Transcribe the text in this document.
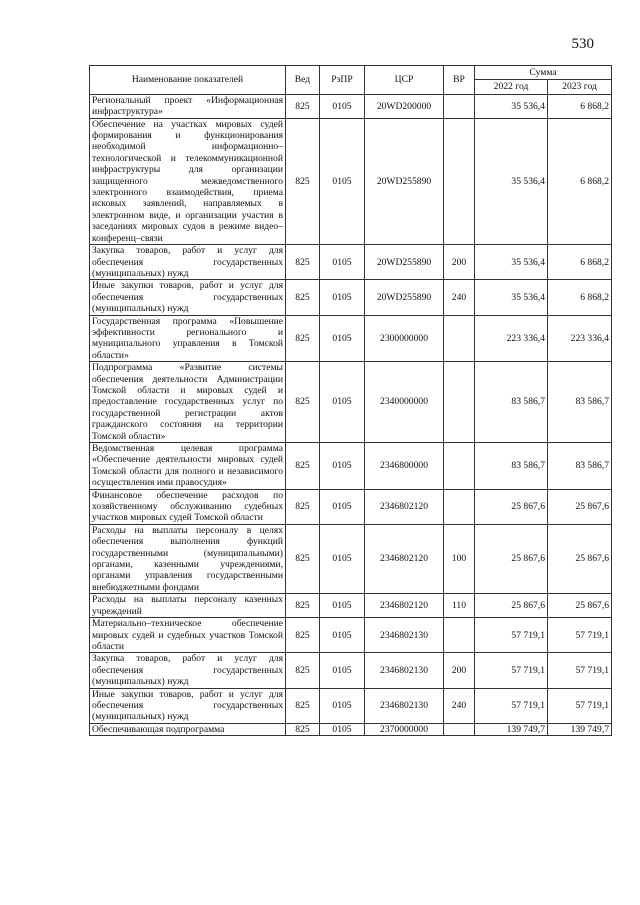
530
Наименование показателей	Вед	РзПР	ЦСР	ВР	Сумма	
					2022 год	2023 год
Региональный проект «Информационная инфраструктура»	825	0105	20WD200000		35 536,4	6 868,2
Обеспечение на участках мировых судей формирования и функционирования необходимой информационно–технологической и телекоммуникационной инфраструктуры для организации защищенного межведомственного электронного взаимодействия, приема исковых заявлений, направляемых в электронном виде, и организации участия в заседаниях мировых судов в режиме видео–конференц–связи	825	0105	20WD255890		35 536,4	6 868,2
Закупка товаров, работ и услуг для обеспечения государственных (муниципальных) нужд	825	0105	20WD255890	200	35 536,4	6 868,2
Иные закупки товаров, работ и услуг для обеспечения государственных (муниципальных) нужд	825	0105	20WD255890	240	35 536,4	6 868,2
Государственная программа «Повышение эффективности регионального и муниципального управления в Томской области»	825	0105	2300000000		223 336,4	223 336,4
Подпрограмма «Развитие системы обеспечения деятельности Администрации Томской области и мировых судей и предоставление государственных услуг по государственной регистрации актов гражданского состояния на территории Томской области»	825	0105	2340000000		83 586,7	83 586,7
Ведомственная целевая программа «Обеспечение деятельности мировых судей Томской области для полного и независимого осуществления ими правосудия»	825	0105	2346800000		83 586,7	83 586,7
Финансовое обеспечение расходов по хозяйственному обслуживанию судебных участков мировых судей Томской области	825	0105	2346802120		25 867,6	25 867,6
Расходы на выплаты персоналу в целях обеспечения выполнения функций государственными (муниципальными) органами, казенными учреждениями, органами управления государственными внебюджетными фондами	825	0105	2346802120	100	25 867,6	25 867,6
Расходы на выплаты персоналу казенных учреждений	825	0105	2346802120	110	25 867,6	25 867,6
Материально–техническое обеспечение мировых судей и судебных участков Томской области	825	0105	2346802130		57 719,1	57 719,1
Закупка товаров, работ и услуг для обеспечения государственных (муниципальных) нужд	825	0105	2346802130	200	57 719,1	57 719,1
Иные закупки товаров, работ и услуг для обеспечения государственных (муниципальных) нужд	825	0105	2346802130	240	57 719,1	57 719,1
Обеспечивающая подпрограмма	825	0105	2370000000		139 749,7	139 749,7
